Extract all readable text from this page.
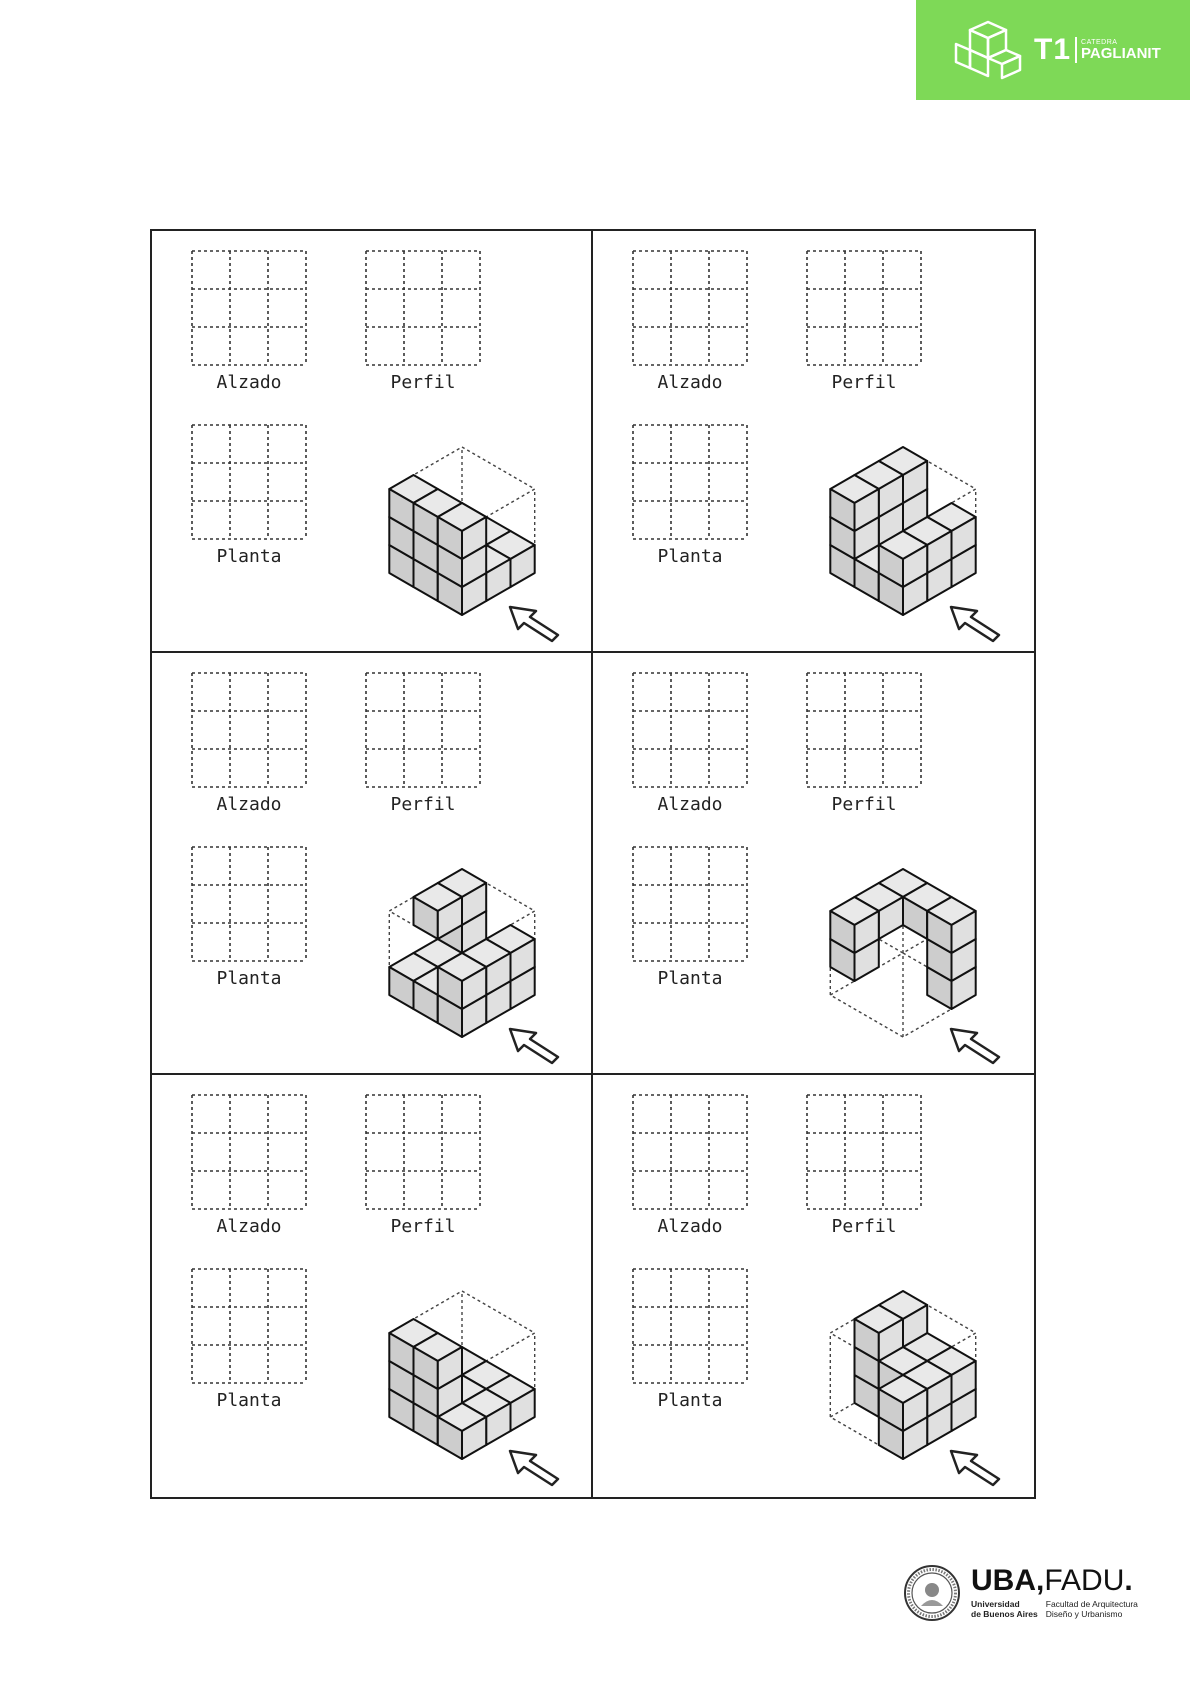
T1 CATEDRA
PAGLIANIT
Alzado	Perfil
Planta
Alzado	Perfil
Planta
Alzado	Perfil
Planta
Alzado	Perfil
Planta
Alzado	Perfil
Planta
Alzado	Perfil
Planta
UBA,FADU.
Universidad
de Buenos Aires
Facultad de Arquitectura
Diseño y Urbanismo
